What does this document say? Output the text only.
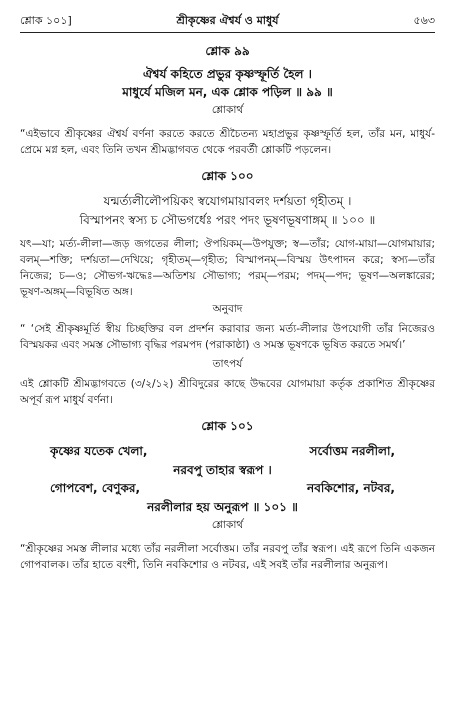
শ্লোক ১০১]	শ্রীকৃষ্ণের ঐশ্বর্য ও মাধুর্য	৫৬৩
শ্লোক ৯৯
ঐশ্বর্য কহিতে প্রভুর কৃষ্ণস্ফূর্তি হৈল ।
মাধুর্যে মজিল মন, এক শ্লোক পড়িল ॥ ৯৯ ॥
শ্লোকার্থ
“এইভাবে শ্রীকৃষ্ণের ঐশ্বর্য বর্ণনা করতে করতে শ্রীচৈতন্য মহাপ্রভুর কৃষ্ণস্ফূর্তি হল, তাঁর মন, মাধুর্য-প্রেমে মগ্ন হল, এবং তিনি তখন শ্রীমদ্ভাগবত থেকে পরবর্তী শ্লোকটি পড়লেন।
শ্লোক ১০০
যন্মর্ত্যলীলৌপয়িকং স্বযোগমায়াবলং দর্শয়তা গৃহীতম্ ।
বিস্মাপনং স্বস্য চ সৌভগর্ধেঃ পরং পদং ভূষণভূষণাঙ্গম্ ॥ ১০০ ॥
যৎ—যা; মর্ত্য-লীলা—জড় জগতের লীলা; ঔপয়িকম্—উপযুক্ত; স্ব—তাঁর; যোগ-মায়া—যোগমায়ার; বলম্—শক্তি; দর্শয়তা—দেখিয়ে; গৃহীতম্—গৃহীত; বিস্মাপনম্—বিস্ময় উৎপাদন করে; স্বস্য—তাঁর নিজের; চ—ও; সৌভগ-ঋদ্ধেঃ—অতিশয় সৌভাগ্য; পরম্—পরম; পদম্—পদ; ভূষণ—অলঙ্কারের; ভূষণ-অঙ্গম্—বিভূষিত অঙ্গ।
অনুবাদ
“ ‘সেই শ্রীকৃষ্ণমূর্তি স্বীয় চিচ্ছক্তির বল প্রদর্শন করাবার জন্য মর্ত্য-লীলার উপযোগী তাঁর নিজেরও বিস্ময়কর এবং সমস্ত সৌভাগ্য বৃদ্ধির পরমপদ (পরাকাষ্ঠা) ও সমস্ত ভূষণকে ভূষিত করতে সমর্থ।’
তাৎপর্য
এই শ্লোকটি শ্রীমদ্ভাগবতে (৩/২/১২) শ্রীবিদুরের কাছে উদ্ধবের যোগমায়া কর্তৃক প্রকাশিত শ্রীকৃষ্ণের অপূর্ব রূপ মাধুর্য বর্ণনা।
শ্লোক ১০১
কৃষ্ণের যতেক খেলা,	সর্বোত্তম নরলীলা,
নরবপু তাহার স্বরূপ ।
গোপবেশ, বেণুকর,	নবকিশোর, নটবর,
নরলীলার হয় অনুরূপ ॥ ১০১ ॥
শ্লোকার্থ
“শ্রীকৃষ্ণের সমস্ত লীলার মধ্যে তাঁর নরলীলা সর্বোত্তম। তাঁর নরবপু তাঁর স্বরূপ। এই রূপে তিনি একজন গোপবালক। তাঁর হাতে বংশী, তিনি নবকিশোর ও নটবর, এই সবই তাঁর নরলীলার অনুরূপ।
